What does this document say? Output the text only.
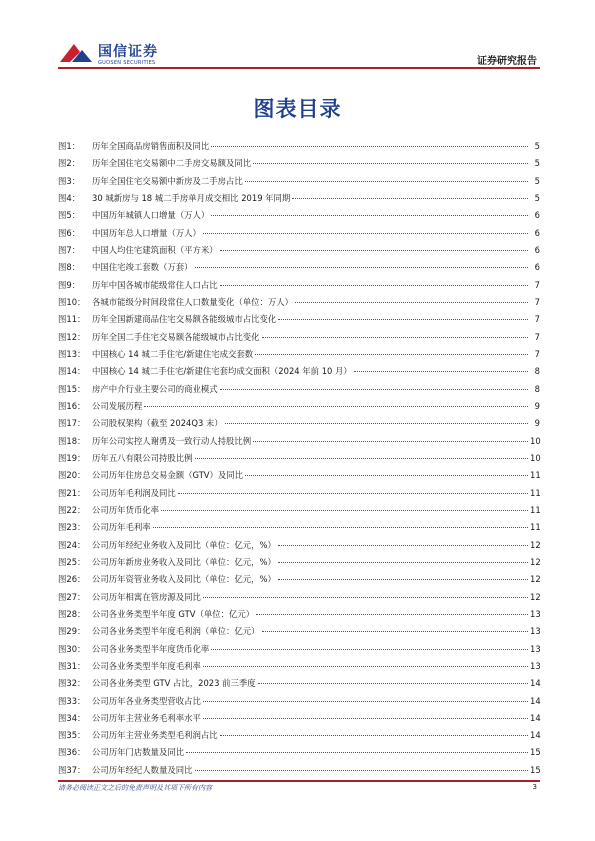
国信证券
GUOSEN SECURITIES	证券研究报告
图表目录
图1：	历年全国商品房销售面积及同比	5
图2：	历年全国住宅交易额中二手房交易额及同比	5
图3：	历年全国住宅交易额中新房及二手房占比	5
图4：	30 城新房与 18 城二手房单月成交相比 2019 年同期	5
图5：	中国历年城镇人口增量（万人）	6
图6：	中国历年总人口增量（万人）	6
图7：	中国人均住宅建筑面积（平方米）	6
图8：	中国住宅竣工套数（万套）	6
图9：	历年中国各城市能级常住人口占比	7
图10： 各城市能级分时间段常住人口数量变化（单位：万人）	7
图11： 历年全国新建商品住宅交易额各能级城市占比变化	7
图12： 历年全国二手住宅交易额各能级城市占比变化	7
图13： 中国核心 14 城二手住宅/新建住宅成交套数	7
图14： 中国核心 14 城二手住宅/新建住宅套均成交面积（2024 年前 10 月）	8
图15： 房产中介行业主要公司的商业模式	8
图16： 公司发展历程	9
图17： 公司股权架构（截至 2024Q3 末）	9
图18： 历年公司实控人谢勇及一致行动人持股比例	10
图19： 历年五八有限公司持股比例	10
图20： 公司历年住房总交易金额（GTV）及同比	11
图21： 公司历年毛利润及同比	11
图22： 公司历年货币化率	11
图23： 公司历年毛利率	11
图24： 公司历年经纪业务收入及同比（单位：亿元，%）	12
图25： 公司历年新房业务收入及同比（单位：亿元，%）	12
图26： 公司历年资管业务收入及同比（单位：亿元，%）	12
图27： 公司历年相寓在管房源及同比	12
图28： 公司各业务类型半年度 GTV（单位：亿元）	13
图29： 公司各业务类型半年度毛利润（单位：亿元）	13
图30： 公司各业务类型半年度货币化率	13
图31： 公司各业务类型半年度毛利率	13
图32： 公司各业务类型 GTV 占比，2023 前三季度	14
图33： 公司历年各业务类型营收占比	14
图34： 公司历年主营业务毛利率水平	14
图35： 公司历年主营业务类型毛利润占比	14
图36： 公司历年门店数量及同比	15
图37： 公司历年经纪人数量及同比	15
请务必阅读正文之后的免责声明及其项下所有内容	3
